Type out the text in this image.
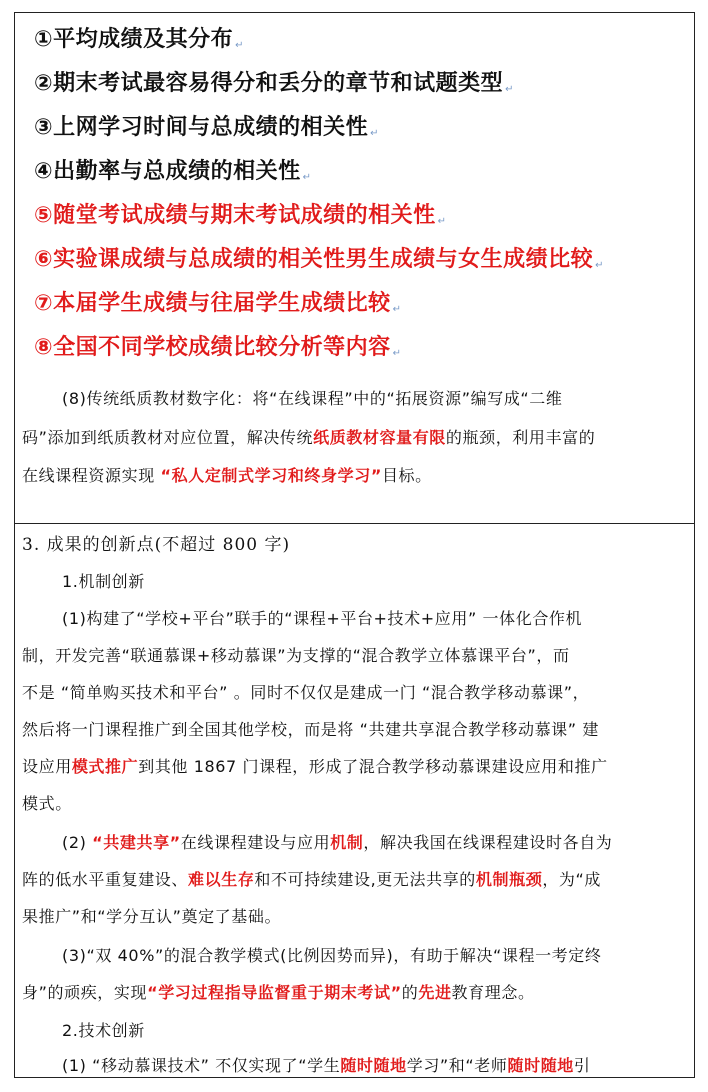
①平均成绩及其分布 ↵
②期末考试最容易得分和丢分的章节和试题类型 ↵
③上网学习时间与总成绩的相关性 ↵
④出勤率与总成绩的相关性 ↵
⑤随堂考试成绩与期末考试成绩的相关性 ↵
⑥实验课成绩与总成绩的相关性男生成绩与女生成绩比较 ↵
⑦本届学生成绩与往届学生成绩比较 ↵
⑧全国不同学校成绩比较分析等内容 ↵
(8)传统纸质教材数字化：将“在线课程”中的“拓展资源”编写成“二维
码”添加到纸质教材对应位置，解决传统纸质教材容量有限的瓶颈，利用丰富的
在线课程资源实现 “私人定制式学习和终身学习”目标。
3. 成果的创新点(不超过 800 字)
1.机制创新
(1)构建了“学校+平台”联手的“课程+平台+技术+应用” 一体化合作机
制，开发完善“联通慕课+移动慕课”为支撑的“混合教学立体慕课平台”，而
不是 “简单购买技术和平台” 。同时不仅仅是建成一门 “混合教学移动慕课”，
然后将一门课程推广到全国其他学校，而是将 “共建共享混合教学移动慕课” 建
设应用模式推广到其他 1867 门课程，形成了混合教学移动慕课建设应用和推广
模式。
(2) “共建共享”在线课程建设与应用机制，解决我国在线课程建设时各自为
阵的低水平重复建设、难以生存和不可持续建设,更无法共享的机制瓶颈，为“成
果推广”和“学分互认”奠定了基础。
(3)“双 40%”的混合教学模式(比例因势而异)，有助于解决“课程一考定终
身”的顽疾，实现“学习过程指导监督重于期末考试”的先进教育理念。
2.技术创新
(1) “移动慕课技术” 不仅实现了“学生随时随地学习”和“老师随时随地引
